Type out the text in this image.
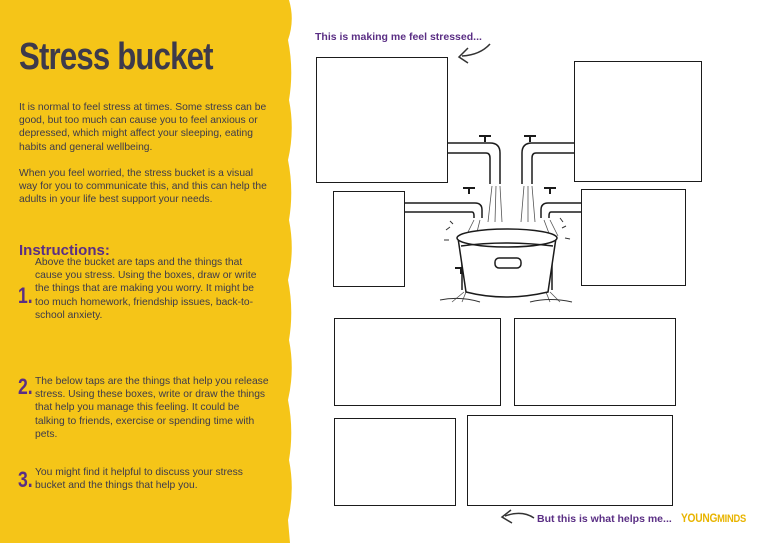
Stress bucket
It is normal to feel stress at times. Some stress can be good, but too much can cause you to feel anxious or depressed, which might affect your sleeping, eating habits and general wellbeing.
When you feel worried, the stress bucket is a visual way for you to communicate this, and this can help the adults in your life best support your needs.
Instructions:
1.
Above the bucket are taps and the things that cause you stress. Using the boxes, draw or write the things that are making you worry. It might be too much homework, friendship issues, back-to-school anxiety.
2. The below taps are the things that help you release stress. Using these boxes, write or draw the things that help you manage this feeling. It could be talking to friends, exercise or spending time with pets.
3. You might find it helpful to discuss your stress bucket and the things that help you.
This is making me feel stressed...
But this is what helps me... YOUNGMINDS
